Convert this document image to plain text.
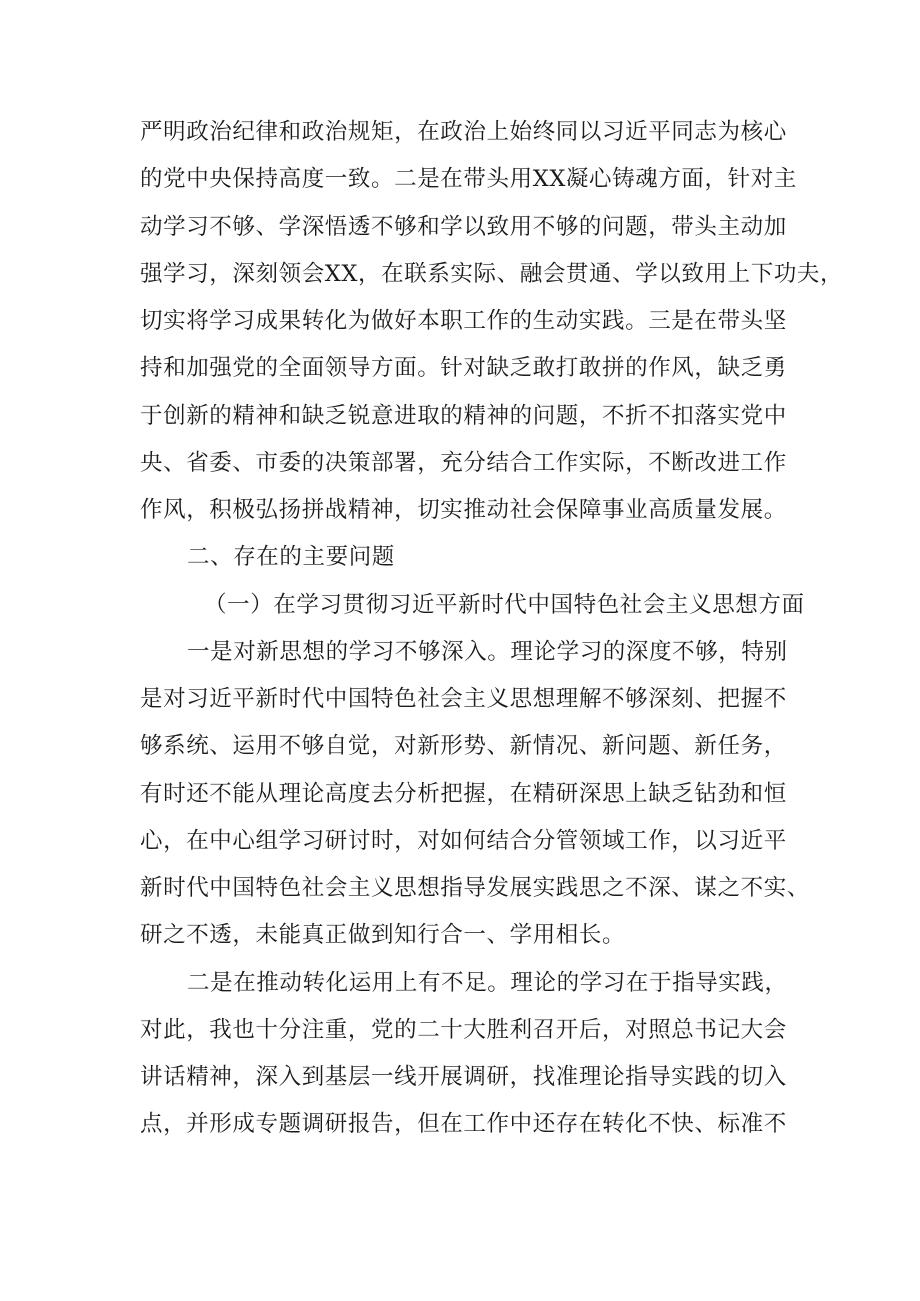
严明政治纪律和政治规矩，在政治上始终同以习近平同志为核心
的党中央保持高度一致。二是在带头用XX凝心铸魂方面，针对主
动学习不够、学深悟透不够和学以致用不够的问题，带头主动加
强学习，深刻领会XX，在联系实际、融会贯通、学以致用上下功夫，
切实将学习成果转化为做好本职工作的生动实践。三是在带头坚
持和加强党的全面领导方面。针对缺乏敢打敢拼的作风，缺乏勇
于创新的精神和缺乏锐意进取的精神的问题，不折不扣落实党中
央、省委、市委的决策部署，充分结合工作实际，不断改进工作
作风，积极弘扬拼战精神，切实推动社会保障事业高质量发展。
二、存在的主要问题
（一）在学习贯彻习近平新时代中国特色社会主义思想方面
一是对新思想的学习不够深入。理论学习的深度不够，特别
是对习近平新时代中国特色社会主义思想理解不够深刻、把握不
够系统、运用不够自觉，对新形势、新情况、新问题、新任务，
有时还不能从理论高度去分析把握，在精研深思上缺乏钻劲和恒
心，在中心组学习研讨时，对如何结合分管领域工作，以习近平
新时代中国特色社会主义思想指导发展实践思之不深、谋之不实、
研之不透，未能真正做到知行合一、学用相长。
二是在推动转化运用上有不足。理论的学习在于指导实践，
对此，我也十分注重，党的二十大胜利召开后，对照总书记大会
讲话精神，深入到基层一线开展调研，找准理论指导实践的切入
点，并形成专题调研报告，但在工作中还存在转化不快、标准不
